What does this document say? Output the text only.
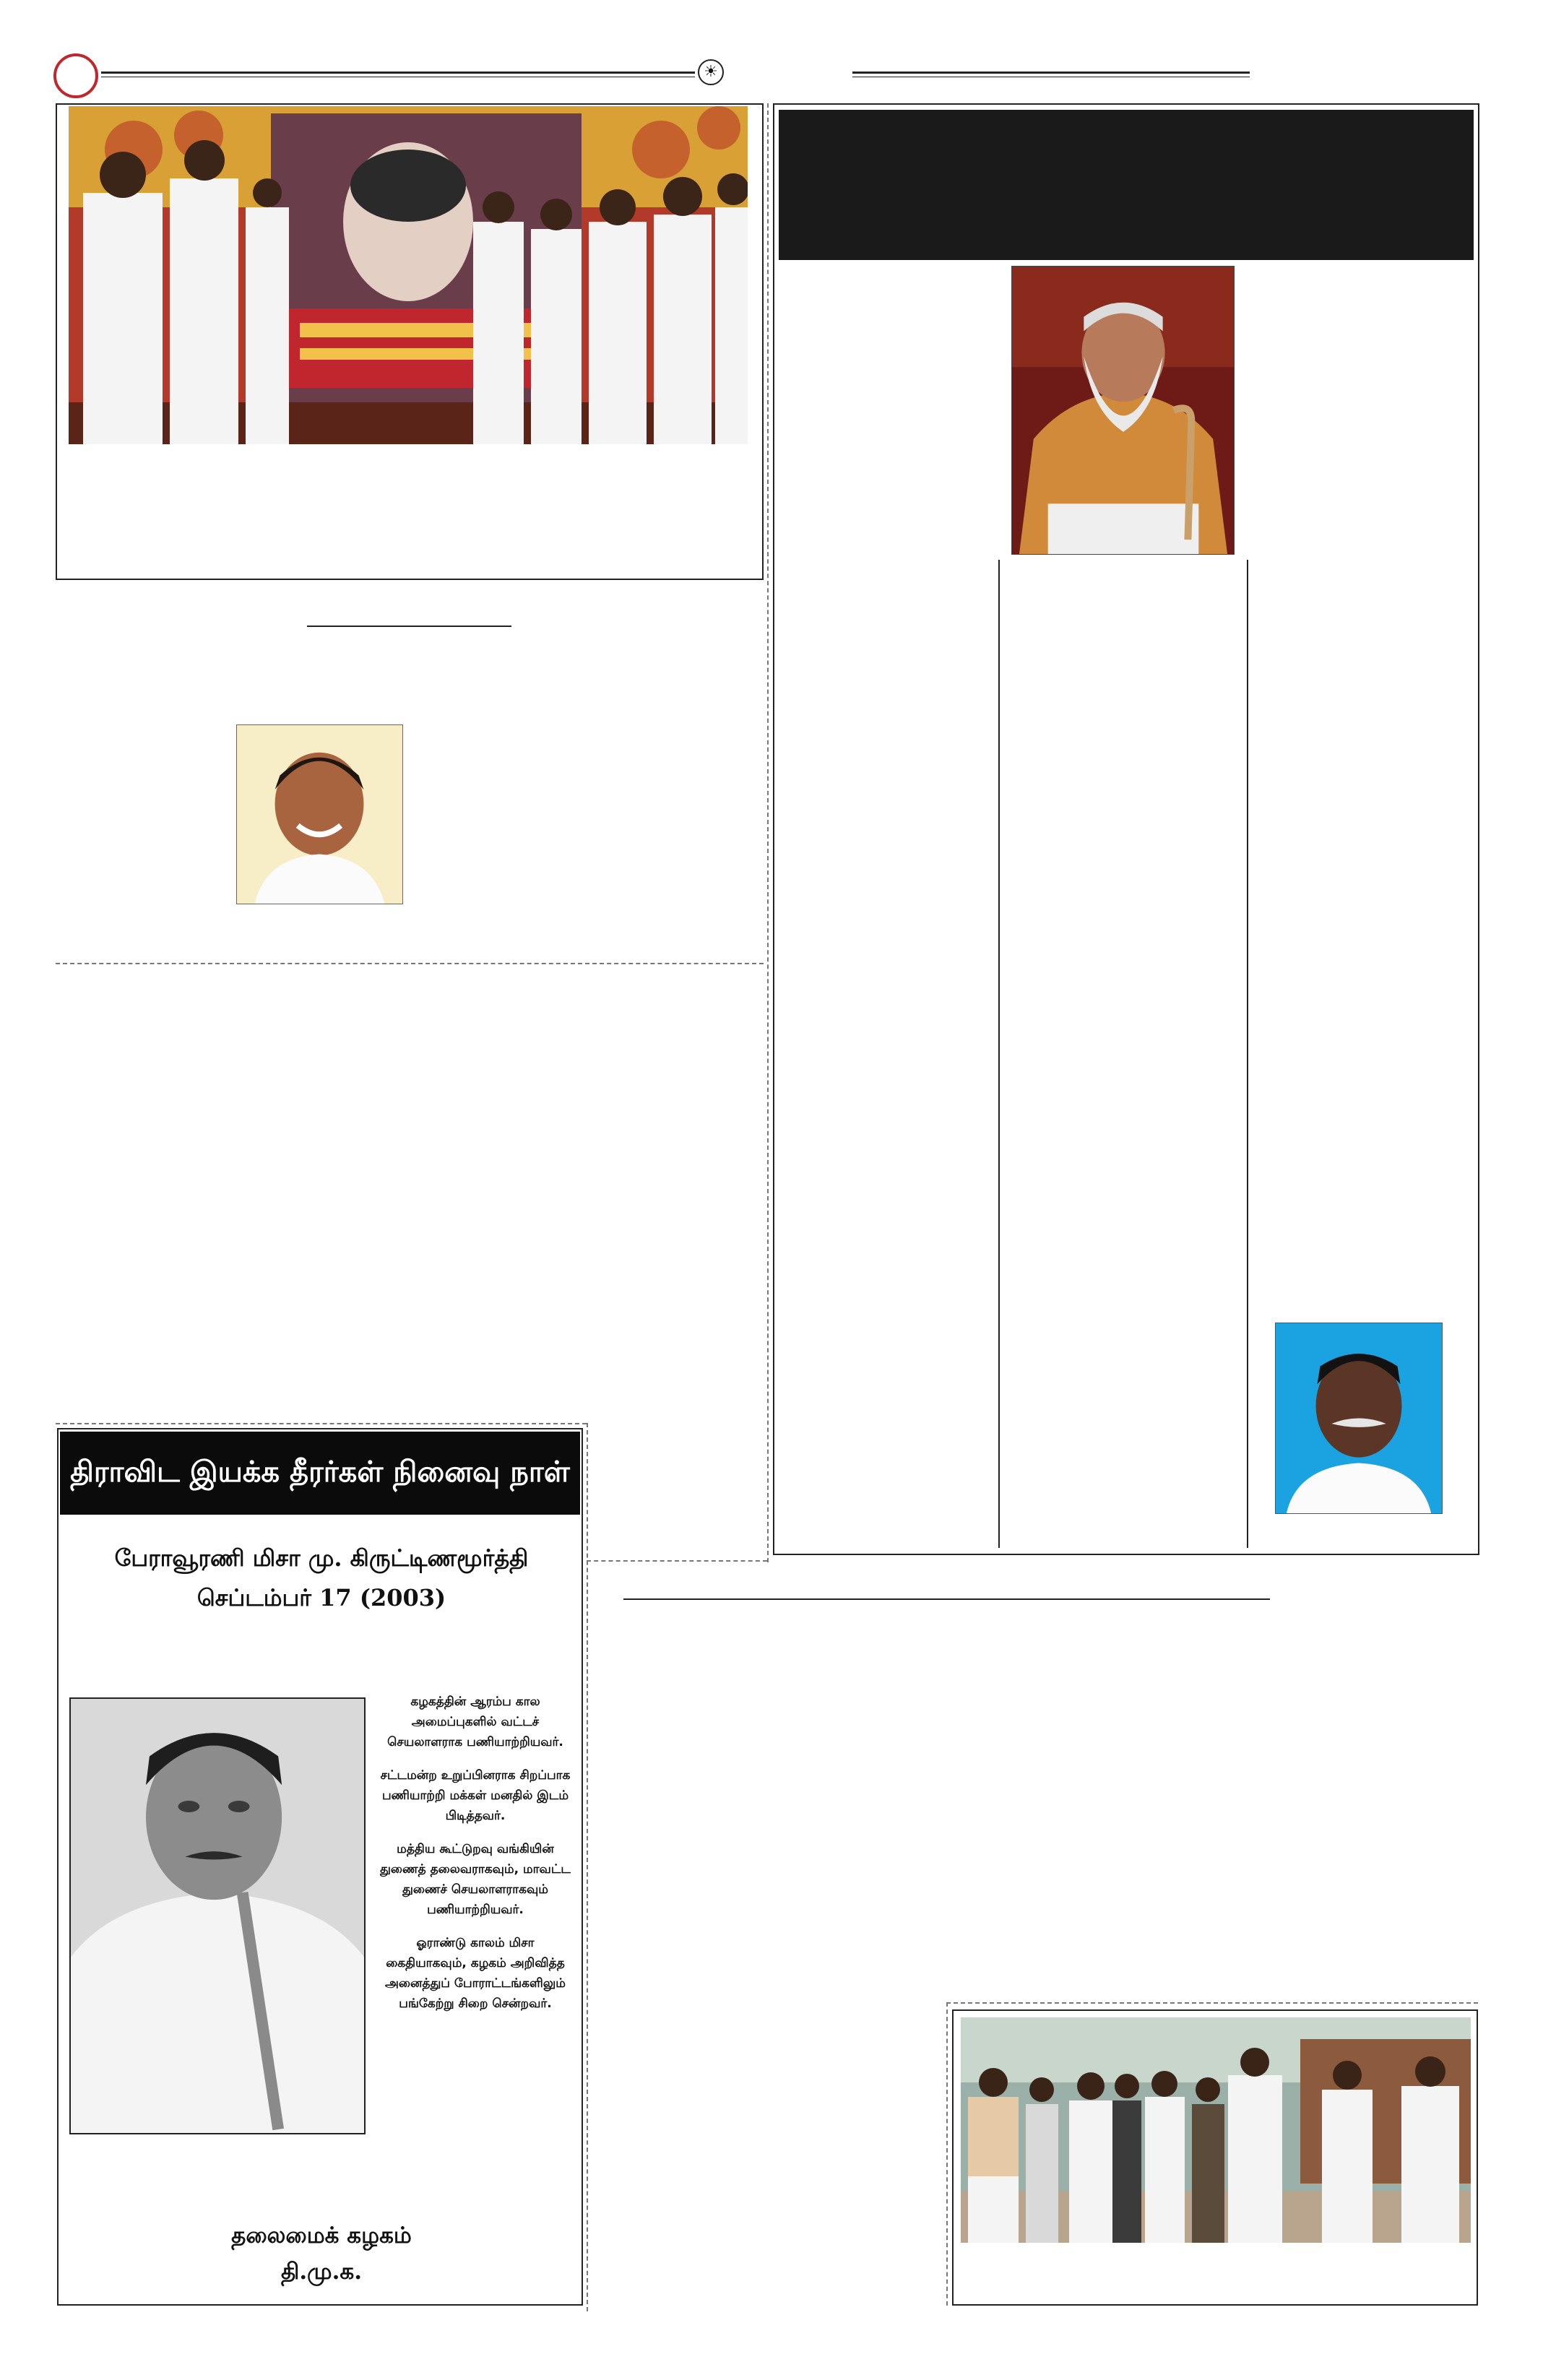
☀
திராவிட இயக்க தீரர்கள் நினைவு நாள்
பேராவூரணி மிசா மு. கிருட்டிணமூர்த்தி
செப்டம்பர் 17 (2003)

கழகத்தின் ஆரம்ப கால அமைப்புகளில் வட்டச் செயலாளராக பணியாற்றியவர்.

சட்டமன்ற உறுப்பினராக சிறப்பாக பணியாற்றி மக்கள் மனதில் இடம் பிடித்தவர்.

மத்திய கூட்டுறவு வங்கியின் துணைத் தலைவராகவும், மாவட்ட துணைச் செயலாளராகவும் பணியாற்றியவர்.

ஓராண்டு காலம் மிசா கைதியாகவும், கழகம் அறிவித்த அனைத்துப் போராட்டங்களிலும் பங்கேற்று சிறை சென்றவர்.

தலைமைக் கழகம்
தி.மு.க.
